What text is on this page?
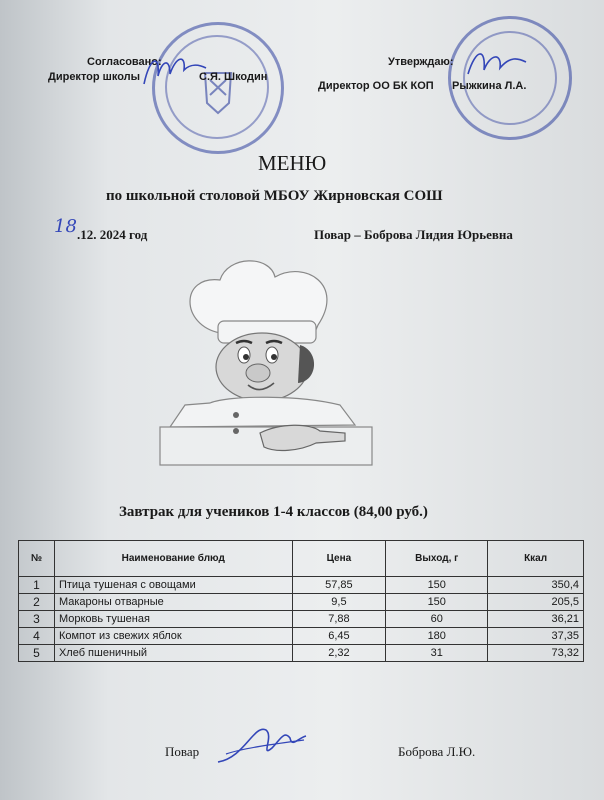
Согласовано:
Директор школы	С.Я. Шкодин
Утверждаю:
Директор ОО БК КОП Рыжкина Л.А.
МЕНЮ
по школьной столовой МБОУ Жирновская СОШ
18 .12. 2024 год	Повар – Боброва Лидия Юрьевна
Завтрак для учеников 1-4 классов (84,00 руб.)
№	Наименование блюд	Цена	Выход, г	Ккал
1	Птица тушеная с овощами	57,85	150	350,4
2	Макароны отварные	9,5	150	205,5
3	Морковь тушеная	7,88	60	36,21
4	Компот из свежих яблок	6,45	180	37,35
5	Хлеб пшеничный	2,32	31	73,32
Повар	Боброва Л.Ю.
